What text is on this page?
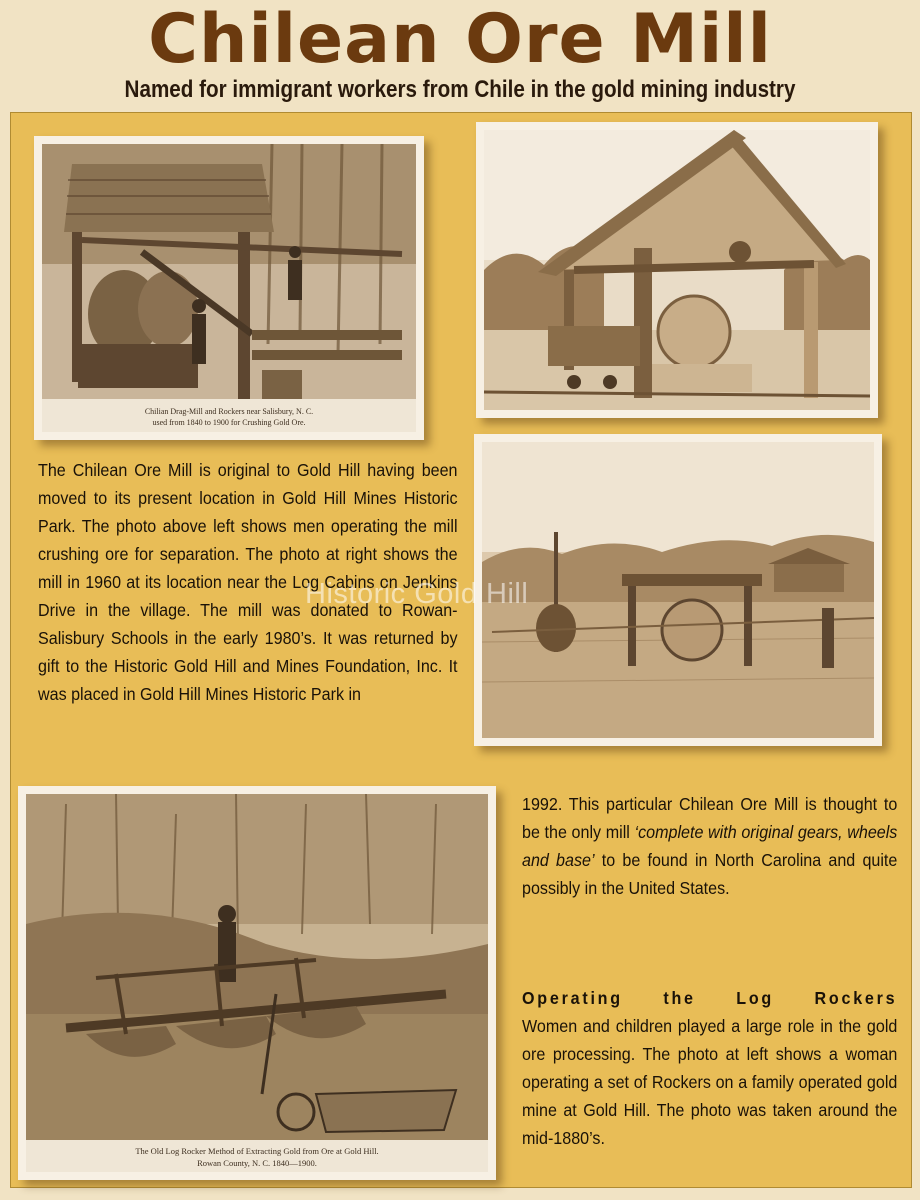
Chilean Ore Mill
Named for immigrant workers from Chile in the gold mining industry
Chilian Drag-Mill and Rockers near Salisbury, N. C.
used from 1840 to 1900 for Crushing Gold Ore.
The Old Log Rocker Method of Extracting Gold from Ore at Gold Hill.
Rowan County, N. C. 1840—1900.
The Chilean Ore Mill is original to Gold Hill having been moved to its present location in Gold Hill Mines Historic Park. The photo above left shows men operating the mill crushing ore for separation. The photo at right shows the mill in 1960 at its location near the Log Cabins on Jenkins Drive in the village. The mill was donated to Rowan-Salisbury Schools in the early 1980’s. It was returned by gift to the Historic Gold Hill and Mines Foundation, Inc. It was placed in Gold Hill Mines Historic Park in
1992. This particular Chilean Ore Mill is thought to be the only mill ‘complete with original gears, wheels and base’ to be found in North Carolina and quite possibly in the United States.
Operating the Log Rockers
Women and children played a large role in the gold ore processing. The photo at left shows a woman operating a set of Rockers on a family operated gold mine at Gold Hill. The photo was taken around the mid-1880’s.
Historic Gold Hill
